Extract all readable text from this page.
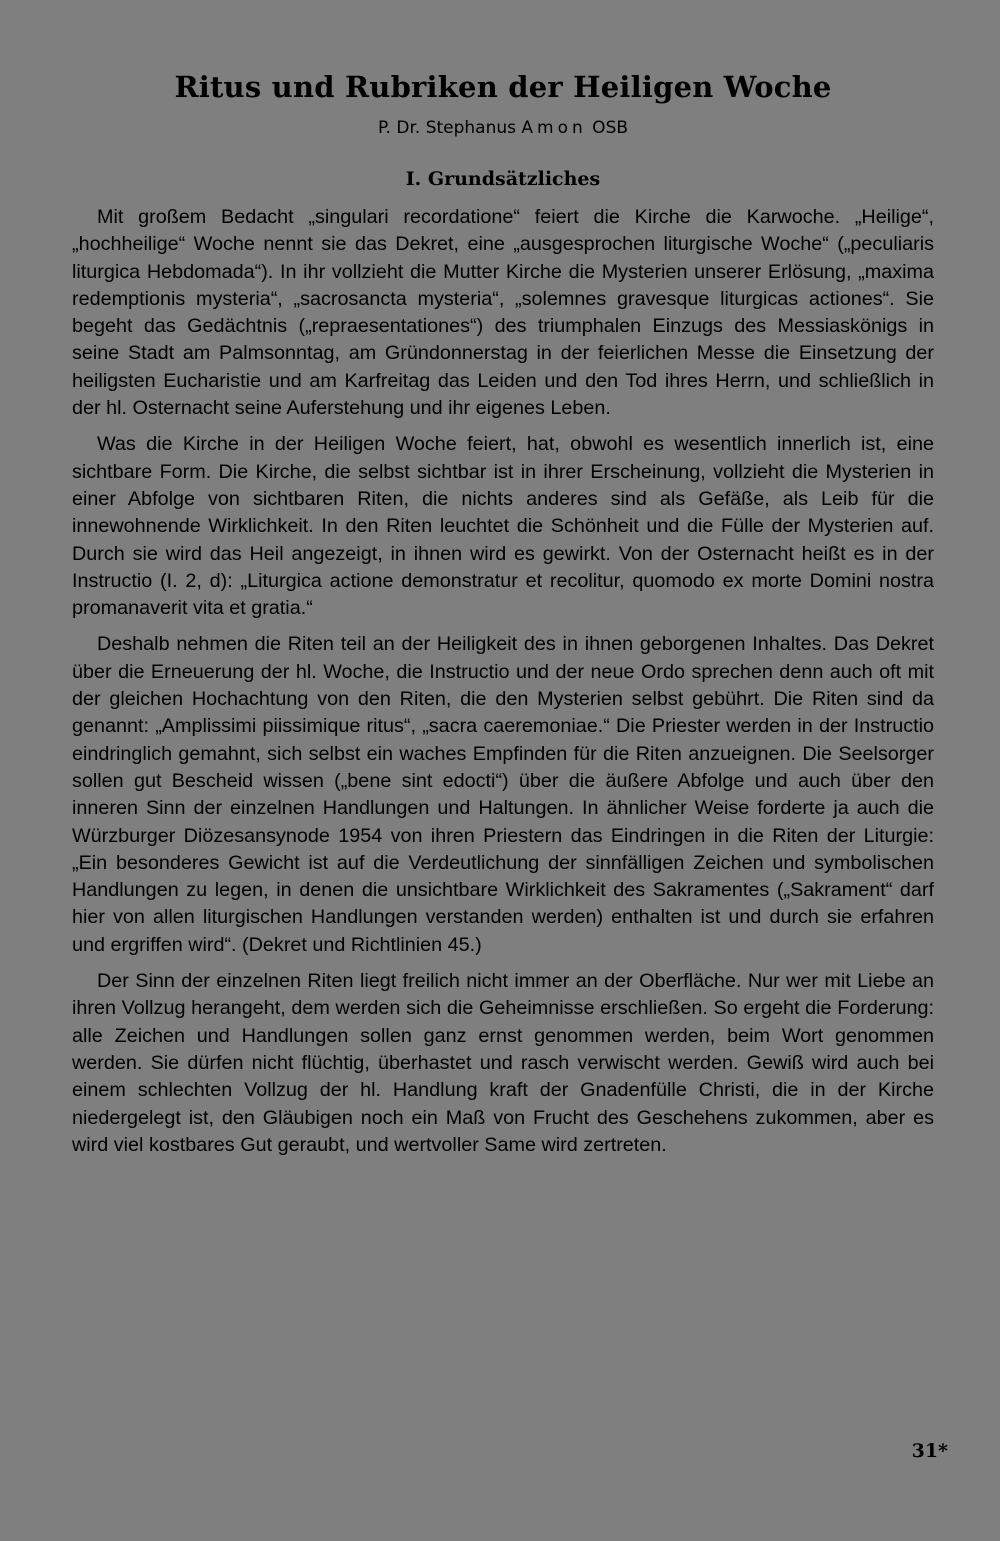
Ritus und Rubriken der Heiligen Woche
P. Dr. Stephanus Amon OSB
I. Grundsätzliches

Mit großem Bedacht „singulari recordatione“ feiert die Kirche die Karwoche. „Heilige“, „hochheilige“ Woche nennt sie das Dekret, eine „ausgesprochen liturgische Woche“ („peculiaris liturgica Hebdomada“). In ihr vollzieht die Mutter Kirche die Mysterien unserer Erlösung, „maxima redemptionis mysteria“, „sacrosancta mysteria“, „solemnes gravesque liturgicas actiones“. Sie begeht das Gedächtnis („repraesentationes“) des triumphalen Einzugs des Messiaskönigs in seine Stadt am Palmsonntag, am Gründonnerstag in der feierlichen Messe die Einsetzung der heiligsten Eucharistie und am Karfreitag das Leiden und den Tod ihres Herrn, und schließlich in der hl. Osternacht seine Auferstehung und ihr eigenes Leben.

Was die Kirche in der Heiligen Woche feiert, hat, obwohl es wesentlich innerlich ist, eine sichtbare Form. Die Kirche, die selbst sichtbar ist in ihrer Erscheinung, vollzieht die Mysterien in einer Abfolge von sichtbaren Riten, die nichts anderes sind als Gefäße, als Leib für die innewohnende Wirklichkeit. In den Riten leuchtet die Schönheit und die Fülle der Mysterien auf. Durch sie wird das Heil angezeigt, in ihnen wird es gewirkt. Von der Osternacht heißt es in der Instructio (I. 2, d): „Liturgica actione demonstratur et recolitur, quomodo ex morte Domini nostra promanaverit vita et gratia.“

Deshalb nehmen die Riten teil an der Heiligkeit des in ihnen geborgenen Inhaltes. Das Dekret über die Erneuerung der hl. Woche, die Instructio und der neue Ordo sprechen denn auch oft mit der gleichen Hochachtung von den Riten, die den Mysterien selbst gebührt. Die Riten sind da genannt: „Amplissimi piissimique ritus“, „sacra caeremoniae.“ Die Priester werden in der Instructio eindringlich gemahnt, sich selbst ein waches Empfinden für die Riten anzueignen. Die Seelsorger sollen gut Bescheid wissen („bene sint edocti“) über die äußere Abfolge und auch über den inneren Sinn der einzelnen Handlungen und Haltungen. In ähnlicher Weise forderte ja auch die Würzburger Diözesansynode 1954 von ihren Priestern das Eindringen in die Riten der Liturgie: „Ein besonderes Gewicht ist auf die Verdeutlichung der sinnfälligen Zeichen und symbolischen Handlungen zu legen, in denen die unsichtbare Wirklichkeit des Sakramentes („Sakrament“ darf hier von allen liturgischen Handlungen verstanden werden) enthalten ist und durch sie erfahren und ergriffen wird“. (Dekret und Richtlinien 45.)

Der Sinn der einzelnen Riten liegt freilich nicht immer an der Oberfläche. Nur wer mit Liebe an ihren Vollzug herangeht, dem werden sich die Geheimnisse erschließen. So ergeht die Forderung: alle Zeichen und Handlungen sollen ganz ernst genommen werden, beim Wort genommen werden. Sie dürfen nicht flüchtig, überhastet und rasch verwischt werden. Gewiß wird auch bei einem schlechten Vollzug der hl. Handlung kraft der Gnadenfülle Christi, die in der Kirche niedergelegt ist, den Gläubigen noch ein Maß von Frucht des Geschehens zukommen, aber es wird viel kostbares Gut geraubt, und wertvoller Same wird zertreten.

31*
